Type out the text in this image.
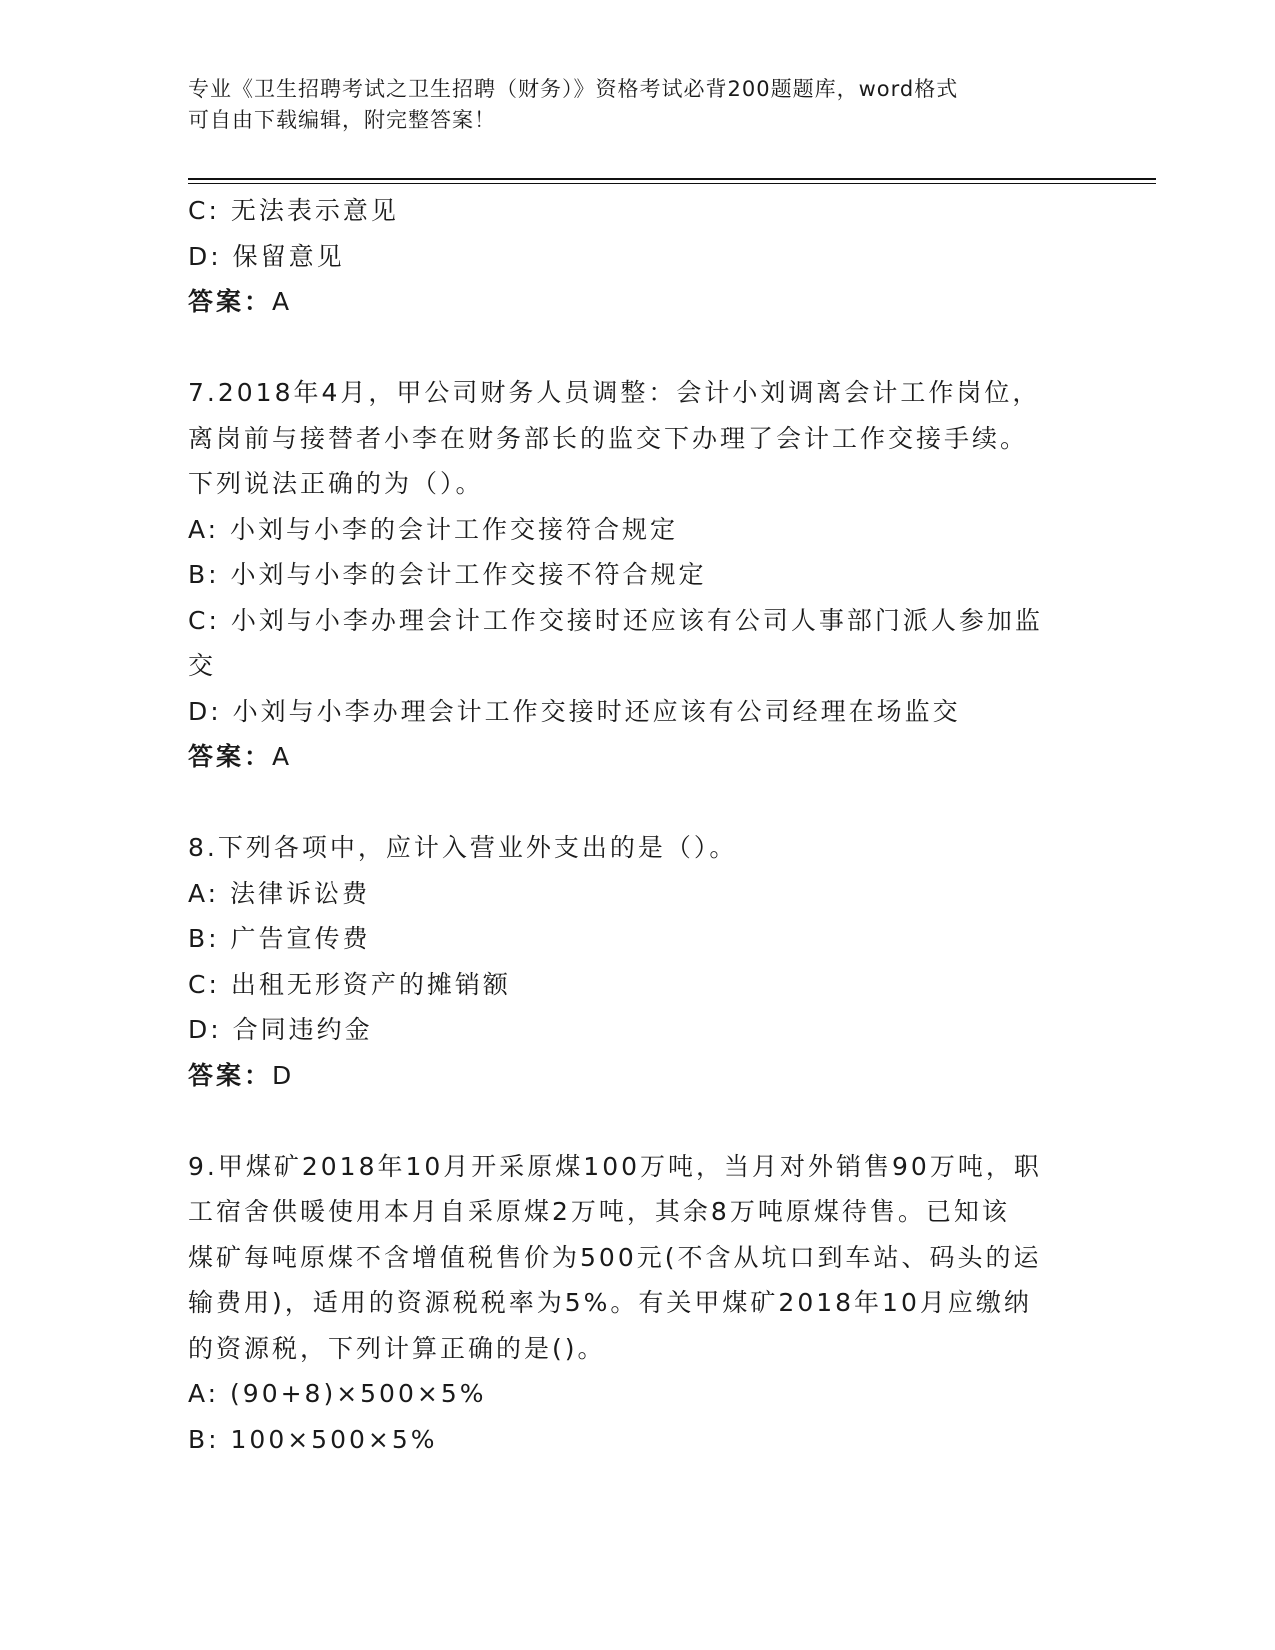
专业《卫生招聘考试之卫生招聘（财务）》资格考试必背200题题库，word格式
可自由下载编辑，附完整答案！
C: 无法表示意见
D: 保留意见
答案：A
7.2018年4月，甲公司财务人员调整：会计小刘调离会计工作岗位，
离岗前与接替者小李在财务部长的监交下办理了会计工作交接手续。
下列说法正确的为（）。
A: 小刘与小李的会计工作交接符合规定
B: 小刘与小李的会计工作交接不符合规定
C: 小刘与小李办理会计工作交接时还应该有公司人事部门派人参加监
交
D: 小刘与小李办理会计工作交接时还应该有公司经理在场监交
答案：A
8.下列各项中，应计入营业外支出的是（）。
A: 法律诉讼费
B: 广告宣传费
C: 出租无形资产的摊销额
D: 合同违约金
答案：D
9.甲煤矿2018年10月开采原煤100万吨，当月对外销售90万吨，职
工宿舍供暖使用本月自采原煤2万吨，其余8万吨原煤待售。已知该
煤矿每吨原煤不含增值税售价为500元(不含从坑口到车站、码头的运
输费用)，适用的资源税税率为5%。有关甲煤矿2018年10月应缴纳
的资源税，下列计算正确的是()。
A: (90+8)×500×5%
B: 100×500×5%
